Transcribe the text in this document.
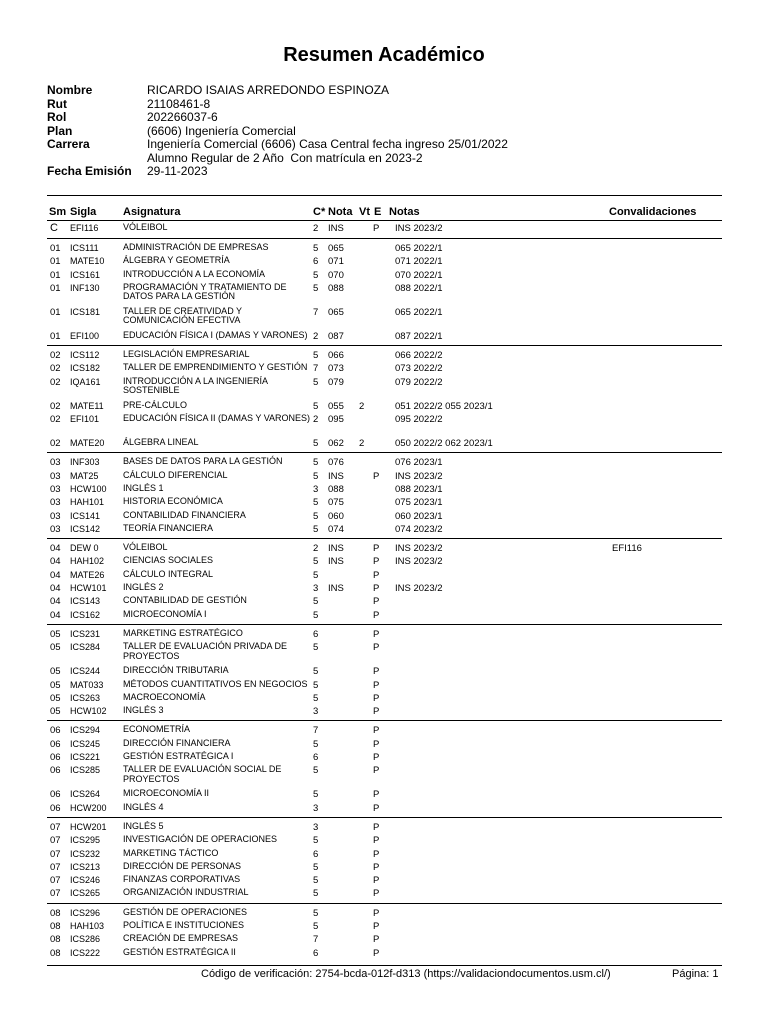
Resumen Académico
Nombre	RICARDO ISAIAS ARREDONDO ESPINOZA
Rut	21108461-8
Rol	202266037-6
Plan	(6606) Ingeniería Comercial
Carrera	Ingeniería Comercial (6606) Casa Central fecha ingreso 25/01/2022
Alumno Regular de 2 Año  Con matrícula en 2023-2
Fecha Emisión	29-11-2023
Sm Sigla Asignatura	C* Nota Vt E Notas	Convalidaciones
C EFI116	VÓLEIBOL	2 INS	P INS 2023/2
01 ICS111	ADMINISTRACIÓN DE EMPRESAS	5 065	065 2022/1
01 MATE10 ÁLGEBRA Y GEOMETRÍA	6 071	071 2022/1
01 ICS161	INTRODUCCIÓN A LA ECONOMÍA	5 070	070 2022/1
01 INF130	PROGRAMACIÓN Y TRATAMIENTO DE DATOS PARA LA GESTIÓN
5 088	088 2022/1
01 ICS181	TALLER DE CREATIVIDAD Y COMUNICACIÓN EFECTIVA
7 065	065 2022/1
01 EFI100	EDUCACIÓN FÍSICA I (DAMAS Y VARONES) 2 087	087 2022/1
02 ICS112	LEGISLACIÓN EMPRESARIAL	5 066	066 2022/2
02 ICS182	TALLER DE EMPRENDIMIENTO Y GESTIÓN 7 073	073 2022/2
02 IQA161 INTRODUCCIÓN A LA INGENIERÍA SOSTENIBLE
5 079	079 2022/2
02 MATE11 PRE-CÁLCULO	5 055 2	051 2022/2 055 2023/1
02 EFI101	EDUCACIÓN FÍSICA II (DAMAS Y VARONES) 2 095	095 2022/2
02 MATE20 ÁLGEBRA LINEAL	5 062 2	050 2022/2 062 2023/1
03 INF303	BASES DE DATOS PARA LA GESTIÓN	5 076	076 2023/1
03 MAT25	CÁLCULO DIFERENCIAL	5 INS	P INS 2023/2
03 HCW100 INGLÉS 1	3 088	088 2023/1
03 HAH101 HISTORIA ECONÓMICA	5 075	075 2023/1
03 ICS141	CONTABILIDAD FINANCIERA	5 060	060 2023/1
03 ICS142	TEORÍA FINANCIERA	5 074	074 2023/2
04 DEW 0	VÓLEIBOL	2 INS	P INS 2023/2	EFI116
04 HAH102 CIENCIAS SOCIALES	5 INS	P INS 2023/2
04 MATE26 CÁLCULO INTEGRAL	5	P
04 HCW101 INGLÉS 2	3 INS	P INS 2023/2
04 ICS143	CONTABILIDAD DE GESTIÓN	5	P
04 ICS162	MICROECONOMÍA I	5	P
05 ICS231	MARKETING ESTRATÉGICO	6	P
05 ICS284	TALLER DE EVALUACIÓN PRIVADA DE PROYECTOS
5	P
05 ICS244	DIRECCIÓN TRIBUTARIA	5	P
05 MAT033 MÉTODOS CUANTITATIVOS EN NEGOCIOS 5	P
05 ICS263	MACROECONOMÍA	5	P
05 HCW102 INGLÉS 3	3	P
06 ICS294	ECONOMETRÍA	7	P
06 ICS245	DIRECCIÓN FINANCIERA	5	P
06 ICS221	GESTIÓN ESTRATÉGICA I	6	P
06 ICS285	TALLER DE EVALUACIÓN SOCIAL DE PROYECTOS
5	P
06 ICS264	MICROECONOMÍA II	5	P
06 HCW200 INGLÉS 4	3	P
07 HCW201 INGLÉS 5	3	P
07 ICS295	INVESTIGACIÓN DE OPERACIONES	5	P
07 ICS232	MARKETING TÁCTICO	6	P
07 ICS213	DIRECCIÓN DE PERSONAS	5	P
07 ICS246	FINANZAS CORPORATIVAS	5	P
07 ICS265	ORGANIZACIÓN INDUSTRIAL	5	P
08 ICS296	GESTIÓN DE OPERACIONES	5	P
08 HAH103 POLÍTICA E INSTITUCIONES	5	P
08 ICS286	CREACIÓN DE EMPRESAS	7	P
08 ICS222	GESTIÓN ESTRATÉGICA II	6	P
Código de verificación: 2754-bcda-012f-d313 (https://validaciondocumentos.usm.cl/)	Página: 1
